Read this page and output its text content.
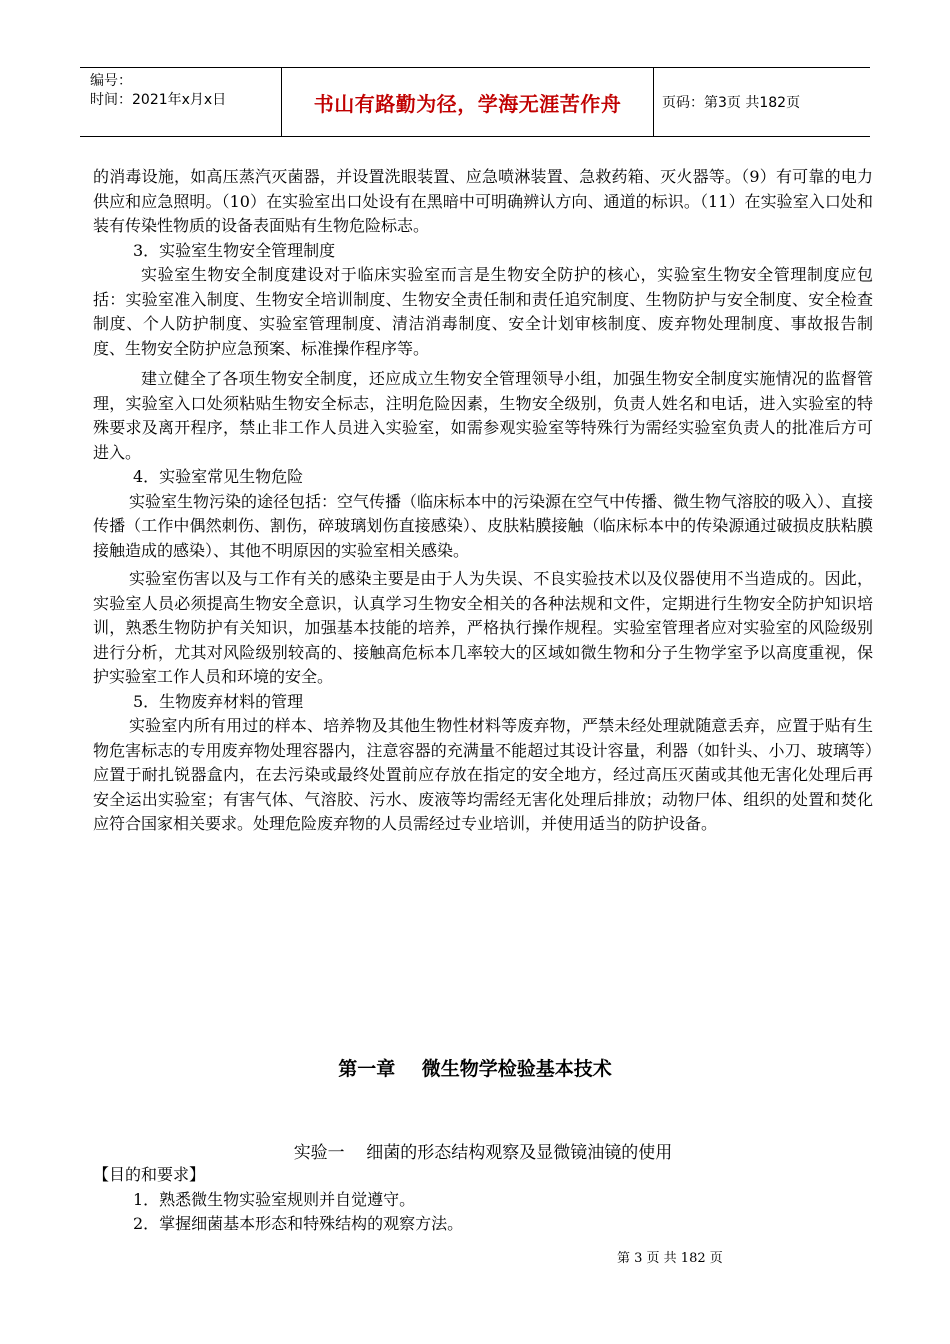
编号：
时间：2021年x月x日	书山有路勤为径，学海无涯苦作舟	页码：第3页 共182页

的消毒设施，如高压蒸汽灭菌器，并设置洗眼装置、应急喷淋装置、急救药箱、灭火器等。（9）有可靠的电力供应和应急照明。（10）在实验室出口处设有在黑暗中可明确辨认方向、通道的标识。（11）在实验室入口处和装有传染性物质的设备表面贴有生物危险标志。

3．实验室生物安全管理制度

实验室生物安全制度建设对于临床实验室而言是生物安全防护的核心，实验室生物安全管理制度应包括：实验室准入制度、生物安全培训制度、生物安全责任制和责任追究制度、生物防护与安全制度、安全检查制度、个人防护制度、实验室管理制度、清洁消毒制度、安全计划审核制度、废弃物处理制度、事故报告制度、生物安全防护应急预案、标准操作程序等。

建立健全了各项生物安全制度，还应成立生物安全管理领导小组，加强生物安全制度实施情况的监督管理，实验室入口处须粘贴生物安全标志，注明危险因素，生物安全级别，负责人姓名和电话，进入实验室的特殊要求及离开程序，禁止非工作人员进入实验室，如需参观实验室等特殊行为需经实验室负责人的批准后方可进入。

4．实验室常见生物危险

实验室生物污染的途径包括：空气传播（临床标本中的污染源在空气中传播、微生物气溶胶的吸入）、直接传播（工作中偶然刺伤、割伤，碎玻璃划伤直接感染）、皮肤粘膜接触（临床标本中的传染源通过破损皮肤粘膜接触造成的感染）、其他不明原因的实验室相关感染。

实验室伤害以及与工作有关的感染主要是由于人为失误、不良实验技术以及仪器使用不当造成的。因此，实验室人员必须提高生物安全意识，认真学习生物安全相关的各种法规和文件，定期进行生物安全防护知识培训，熟悉生物防护有关知识，加强基本技能的培养，严格执行操作规程。实验室管理者应对实验室的风险级别进行分析，尤其对风险级别较高的、接触高危标本几率较大的区域如微生物和分子生物学室予以高度重视，保护实验室工作人员和环境的安全。

5．生物废弃材料的管理

实验室内所有用过的样本、培养物及其他生物性材料等废弃物，严禁未经处理就随意丢弃，应置于贴有生物危害标志的专用废弃物处理容器内，注意容器的充满量不能超过其设计容量，利器（如针头、小刀、玻璃等）应置于耐扎锐器盒内，在去污染或最终处置前应存放在指定的安全地方，经过高压灭菌或其他无害化处理后再安全运出实验室；有害气体、气溶胶、污水、废液等均需经无害化处理后排放；动物尸体、组织的处置和焚化应符合国家相关要求。处理危险废弃物的人员需经过专业培训，并使用适当的防护设备。

第一章    微生物学检验基本技术
实验一    细菌的形态结构观察及显微镜油镜的使用

【目的和要求】

1．熟悉微生物实验室规则并自觉遵守。

2．掌握细菌基本形态和特殊结构的观察方法。

第 3 页 共 182 页
